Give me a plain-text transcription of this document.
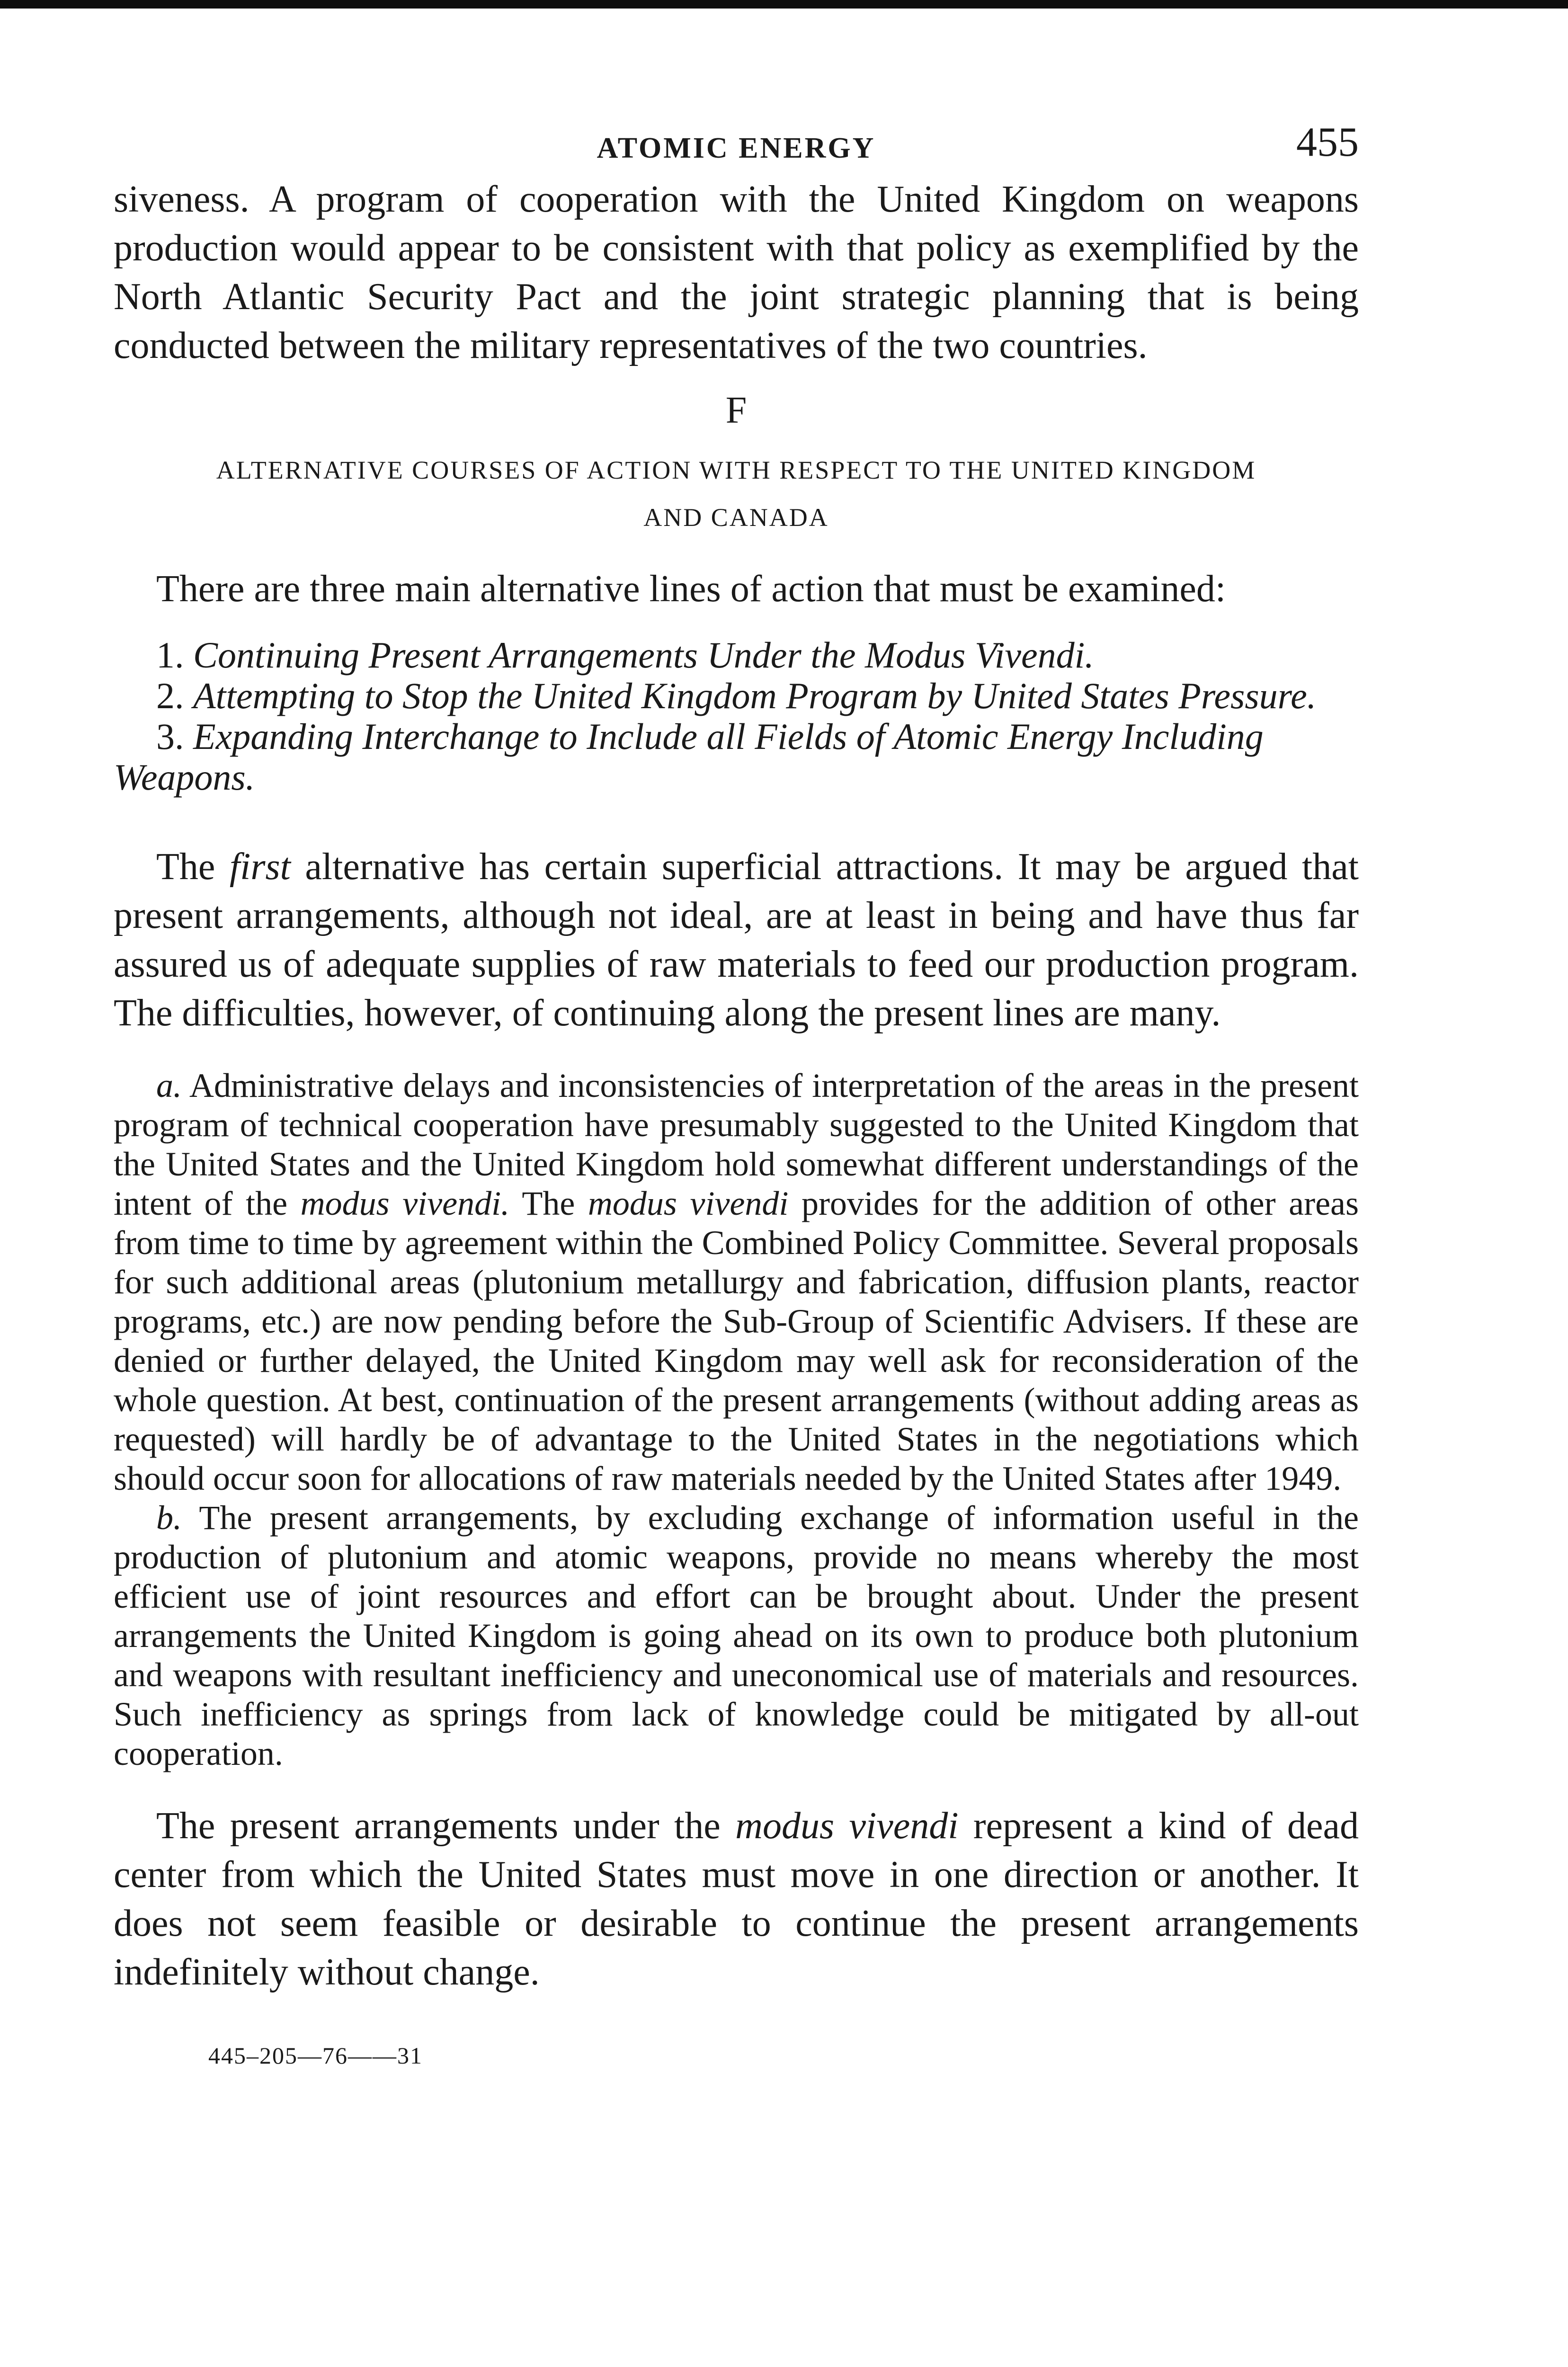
ATOMIC ENERGY	455

siveness. A program of cooperation with the United Kingdom on weapons production would appear to be consistent with that policy as exemplified by the North Atlantic Security Pact and the joint strategic planning that is being conducted between the military representatives of the two countries.

F
ALTERNATIVE COURSES OF ACTION WITH RESPECT TO THE UNITED KINGDOM
AND CANADA

There are three main alternative lines of action that must be examined:

1. Continuing Present Arrangements Under the Modus Vivendi.

2. Attempting to Stop the United Kingdom Program by United States Pressure.

3. Expanding Interchange to Include all Fields of Atomic Energy Including Weapons.

The first alternative has certain superficial attractions. It may be argued that present arrangements, although not ideal, are at least in being and have thus far assured us of adequate supplies of raw materials to feed our production program. The difficulties, however, of continuing along the present lines are many.

a. Administrative delays and inconsistencies of interpretation of the areas in the present program of technical cooperation have presumably suggested to the United Kingdom that the United States and the United Kingdom hold somewhat different understandings of the intent of the modus vivendi. The modus vivendi provides for the addition of other areas from time to time by agreement within the Combined Policy Committee. Several proposals for such additional areas (plutonium metallurgy and fabrication, diffusion plants, reactor programs, etc.) are now pending before the Sub-Group of Scientific Advisers. If these are denied or further delayed, the United Kingdom may well ask for reconsideration of the whole question. At best, continuation of the present arrangements (without adding areas as requested) will hardly be of advantage to the United States in the negotiations which should occur soon for allocations of raw materials needed by the United States after 1949.

b. The present arrangements, by excluding exchange of information useful in the production of plutonium and atomic weapons, provide no means whereby the most efficient use of joint resources and effort can be brought about. Under the present arrangements the United Kingdom is going ahead on its own to produce both plutonium and weapons with resultant inefficiency and uneconomical use of materials and resources. Such inefficiency as springs from lack of knowledge could be mitigated by all-out cooperation.

The present arrangements under the modus vivendi represent a kind of dead center from which the United States must move in one direction or another. It does not seem feasible or desirable to continue the present arrangements indefinitely without change.

445–205—76——31
